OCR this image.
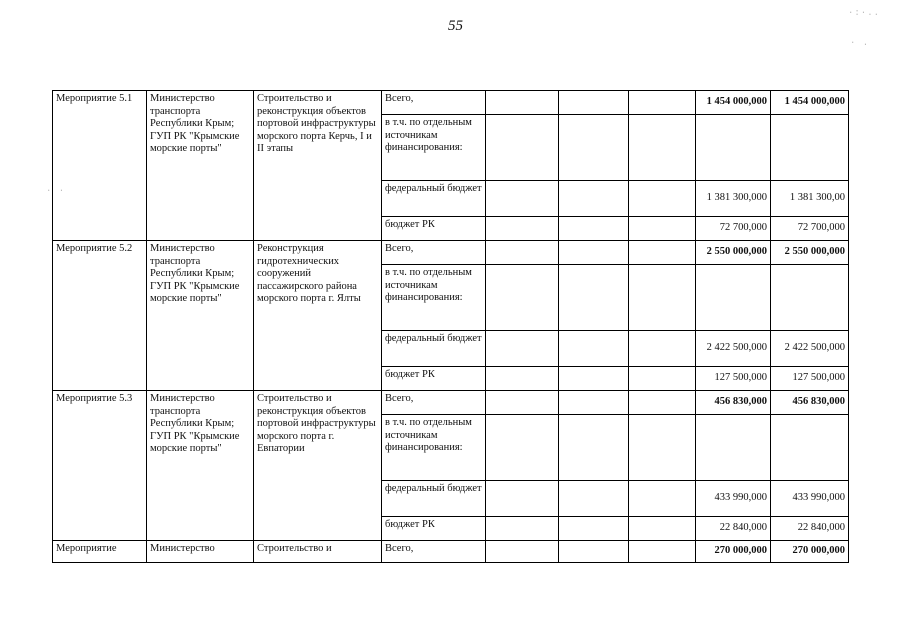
55
·:·..
· .
· ·
Мероприятие 5.1	Министерство транспорта Республики Крым; ГУП РК "Крымские морские порты"	Строительство и реконструкция объектов портовой инфраструктуры морского порта Керчь, I и II этапы	Всего,				1 454 000,000	1 454 000,000
			в т.ч. по отдельным источникам финансирования:					
			федеральный бюджет				1 381 300,000	1 381 300,00
			бюджет РК				72 700,000	72 700,000
Мероприятие 5.2	Министерство транспорта Республики Крым; ГУП РК "Крымские морские порты"	Реконструкция гидротехнических сооружений пассажирского района морского порта г. Ялты	Всего,				2 550 000,000	2 550 000,000
			в т.ч. по отдельным источникам финансирования:					
			федеральный бюджет				2 422 500,000	2 422 500,000
			бюджет РК				127 500,000	127 500,000
Мероприятие 5.3	Министерство транспорта Республики Крым; ГУП РК "Крымские морские порты"	Строительство и реконструкция объектов портовой инфраструктуры морского порта г. Евпатории	Всего,				456 830,000	456 830,000
			в т.ч. по отдельным источникам финансирования:					
			федеральный бюджет				433 990,000	433 990,000
			бюджет РК				22 840,000	22 840,000
Мероприятие	Министерство	Строительство и	Всего,				270 000,000	270 000,000
